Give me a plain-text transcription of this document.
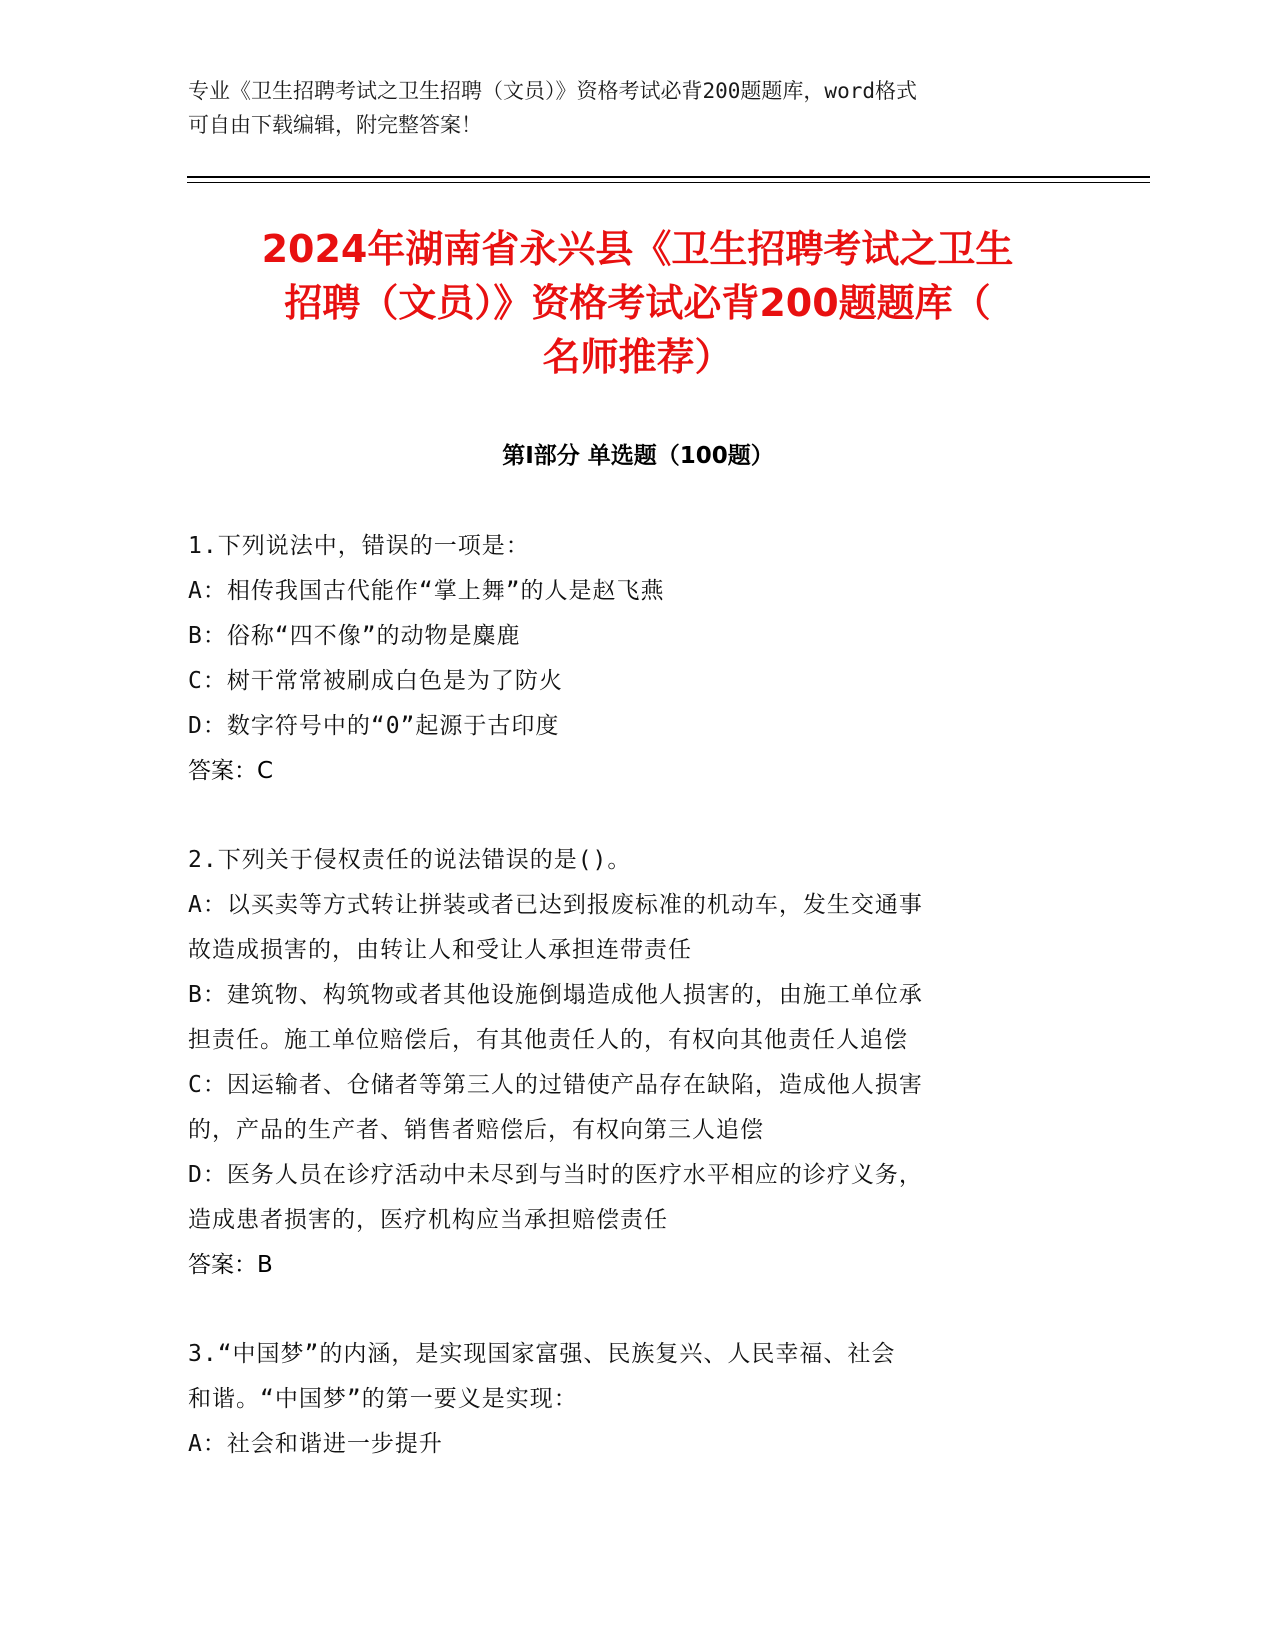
专业《卫生招聘考试之卫生招聘（文员）》资格考试必背200题题库，word格式
可自由下载编辑，附完整答案！
2024年湖南省永兴县《卫生招聘考试之卫生
招聘（文员）》资格考试必背200题题库（
名师推荐）
第Ⅰ部分 单选题（100题）
1.下列说法中，错误的一项是：
A：相传我国古代能作“掌上舞”的人是赵飞燕
B：俗称“四不像”的动物是麋鹿
C：树干常常被刷成白色是为了防火
D：数字符号中的“0”起源于古印度
答案：C
2.下列关于侵权责任的说法错误的是()。
A：以买卖等方式转让拼装或者已达到报废标准的机动车，发生交通事
故造成损害的，由转让人和受让人承担连带责任
B：建筑物、构筑物或者其他设施倒塌造成他人损害的，由施工单位承
担责任。施工单位赔偿后，有其他责任人的，有权向其他责任人追偿
C：因运输者、仓储者等第三人的过错使产品存在缺陷，造成他人损害
的，产品的生产者、销售者赔偿后，有权向第三人追偿
D：医务人员在诊疗活动中未尽到与当时的医疗水平相应的诊疗义务，
造成患者损害的，医疗机构应当承担赔偿责任
答案：B
3.“中国梦”的内涵，是实现国家富强、民族复兴、人民幸福、社会
和谐。“中国梦”的第一要义是实现：
A：社会和谐进一步提升
